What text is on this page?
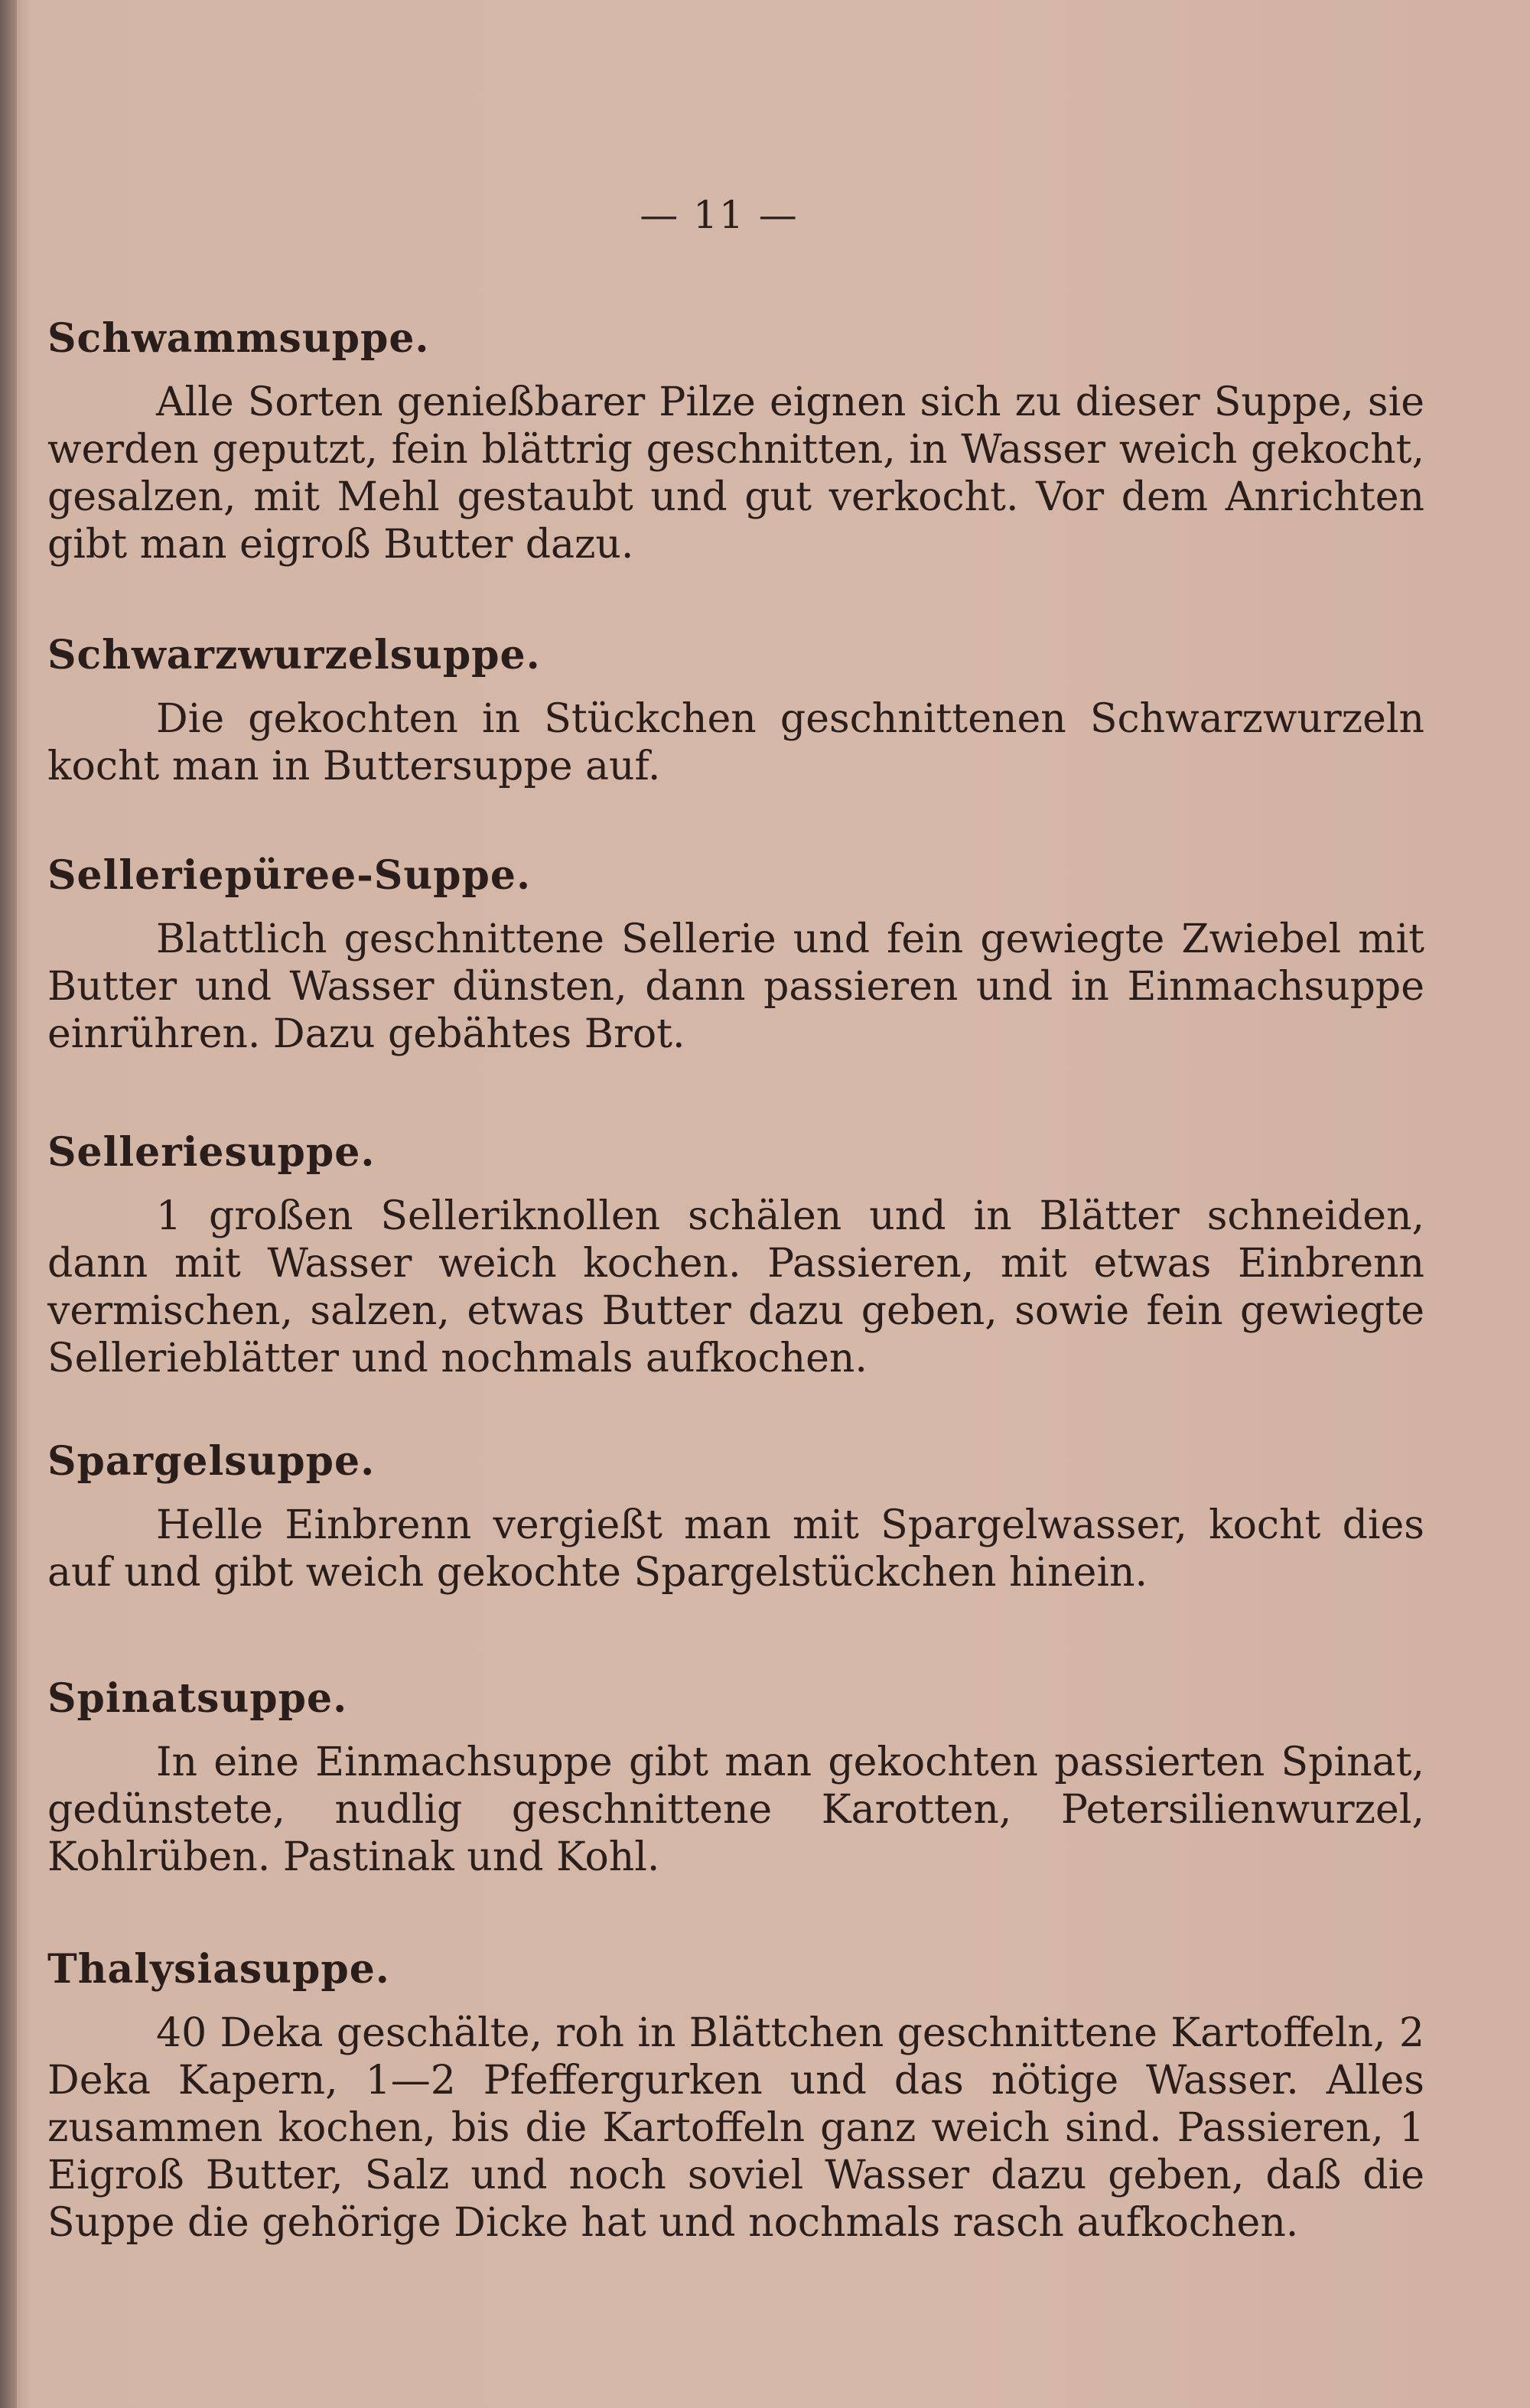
— 11 —

Schwammsuppe.

Alle Sorten genießbarer Pilze eignen sich zu dieser Suppe, sie werden geputzt, fein blättrig geschnitten, in Wasser weich gekocht, gesalzen, mit Mehl gestaubt und gut verkocht. Vor dem Anrichten gibt man eigroß Butter dazu.

Schwarzwurzelsuppe.

Die gekochten in Stückchen geschnittenen Schwarzwurzeln kocht man in Buttersuppe auf.

Selleriepüree-Suppe.

Blattlich geschnittene Sellerie und fein gewiegte Zwiebel mit Butter und Wasser dünsten, dann passieren und in Einmachsuppe einrühren. Dazu gebähtes Brot.

Selleriesuppe.

1 großen Selleriknollen schälen und in Blätter schneiden, dann mit Wasser weich kochen. Passieren, mit etwas Einbrenn vermischen, salzen, etwas Butter dazu geben, sowie fein gewiegte Sellerieblätter und nochmals aufkochen.

Spargelsuppe.

Helle Einbrenn vergießt man mit Spargelwasser, kocht dies auf und gibt weich gekochte Spargelstückchen hinein.

Spinatsuppe.

In eine Einmachsuppe gibt man gekochten passierten Spinat, gedünstete, nudlig geschnittene Karotten, Petersilienwurzel, Kohlrüben. Pastinak und Kohl.

Thalysiasuppe.

40 Deka geschälte, roh in Blättchen geschnittene Kartoffeln, 2 Deka Kapern, 1—2 Pfeffergurken und das nötige Wasser. Alles zusammen kochen, bis die Kartoffeln ganz weich sind. Passieren, 1 Eigroß Butter, Salz und noch soviel Wasser dazu geben, daß die Suppe die gehörige Dicke hat und nochmals rasch aufkochen.
